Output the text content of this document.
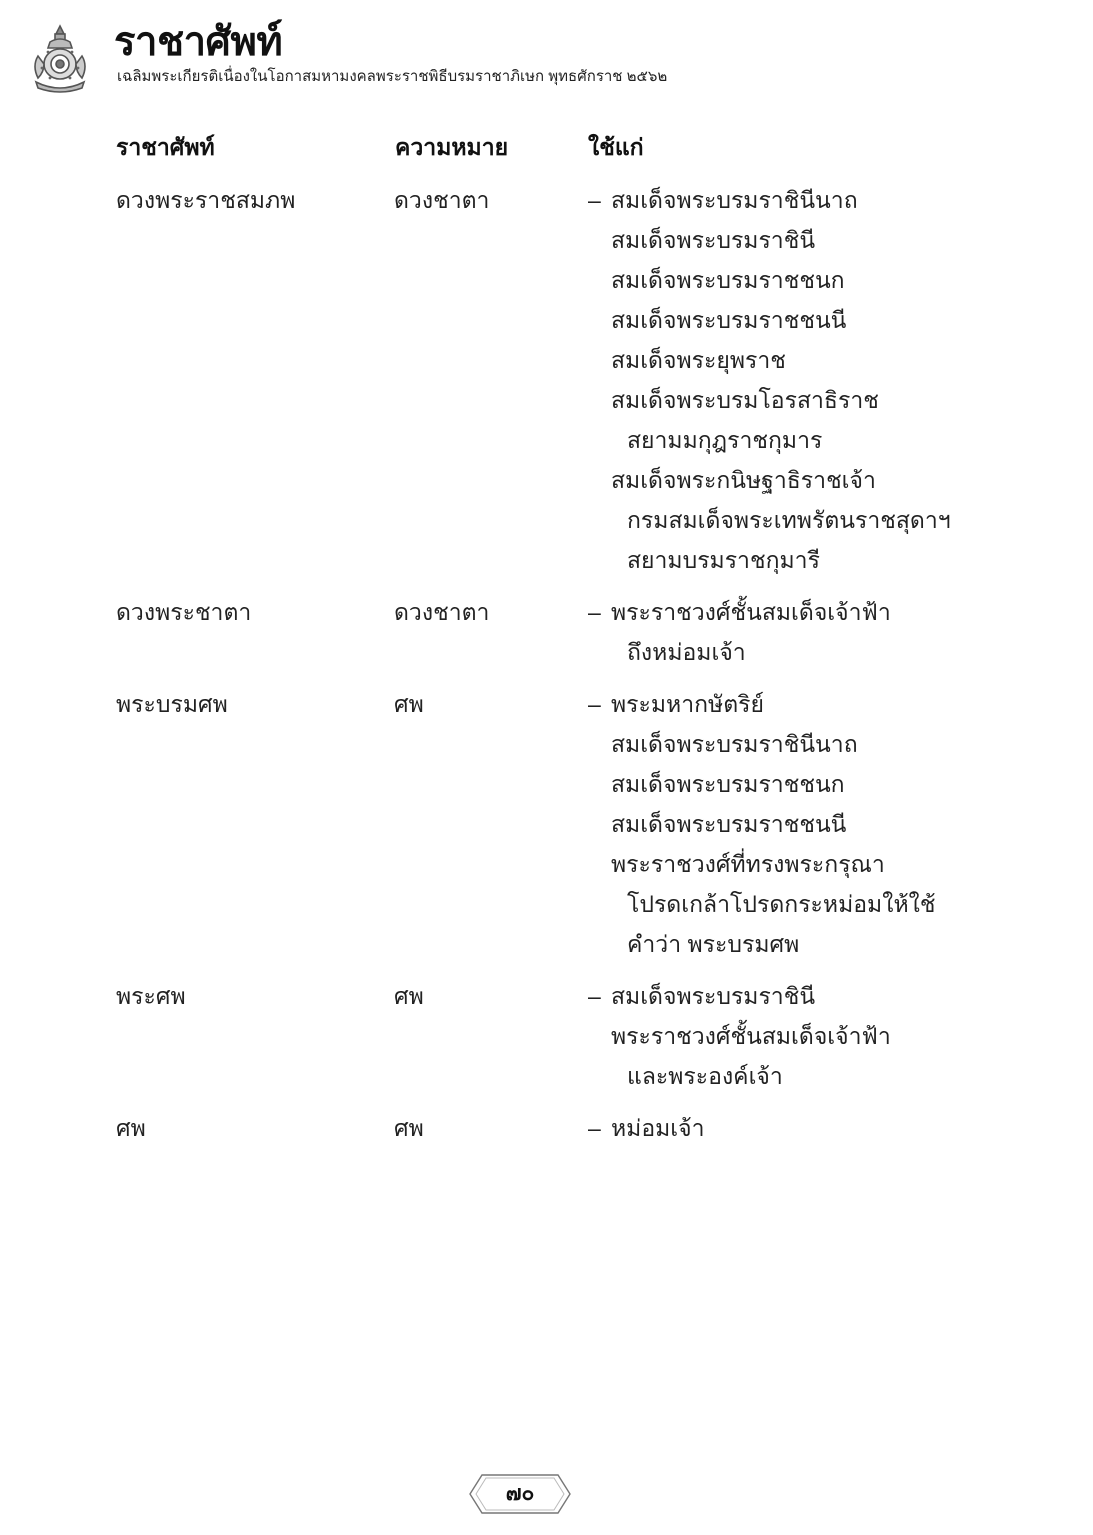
ราชาศัพท์
เฉลิมพระเกียรติเนื่องในโอกาสมหามงคลพระราชพิธีบรมราชาภิเษก พุทธศักราช ๒๕๖๒
ราชาศัพท์	ความหมาย	ใช้แก่
ดวงพระราชสมภพ	ดวงชาตา	– สมเด็จพระบรมราชินีนาถ
สมเด็จพระบรมราชินี
สมเด็จพระบรมราชชนก
สมเด็จพระบรมราชชนนี
สมเด็จพระยุพราช
สมเด็จพระบรมโอรสาธิราช
สยามมกุฎราชกุมาร
สมเด็จพระกนิษฐาธิราชเจ้า
กรมสมเด็จพระเทพรัตนราชสุดาฯ
สยามบรมราชกุมารี
ดวงพระชาตา	ดวงชาตา	– พระราชวงศ์ชั้นสมเด็จเจ้าฟ้า
ถึงหม่อมเจ้า
พระบรมศพ	ศพ	– พระมหากษัตริย์
สมเด็จพระบรมราชินีนาถ
สมเด็จพระบรมราชชนก
สมเด็จพระบรมราชชนนี
พระราชวงศ์ที่ทรงพระกรุณา
โปรดเกล้าโปรดกระหม่อมให้ใช้
คำว่า พระบรมศพ
พระศพ	ศพ	– สมเด็จพระบรมราชินี
พระราชวงศ์ชั้นสมเด็จเจ้าฟ้า
และพระองค์เจ้า
ศพ	ศพ	– หม่อมเจ้า
๗๐
